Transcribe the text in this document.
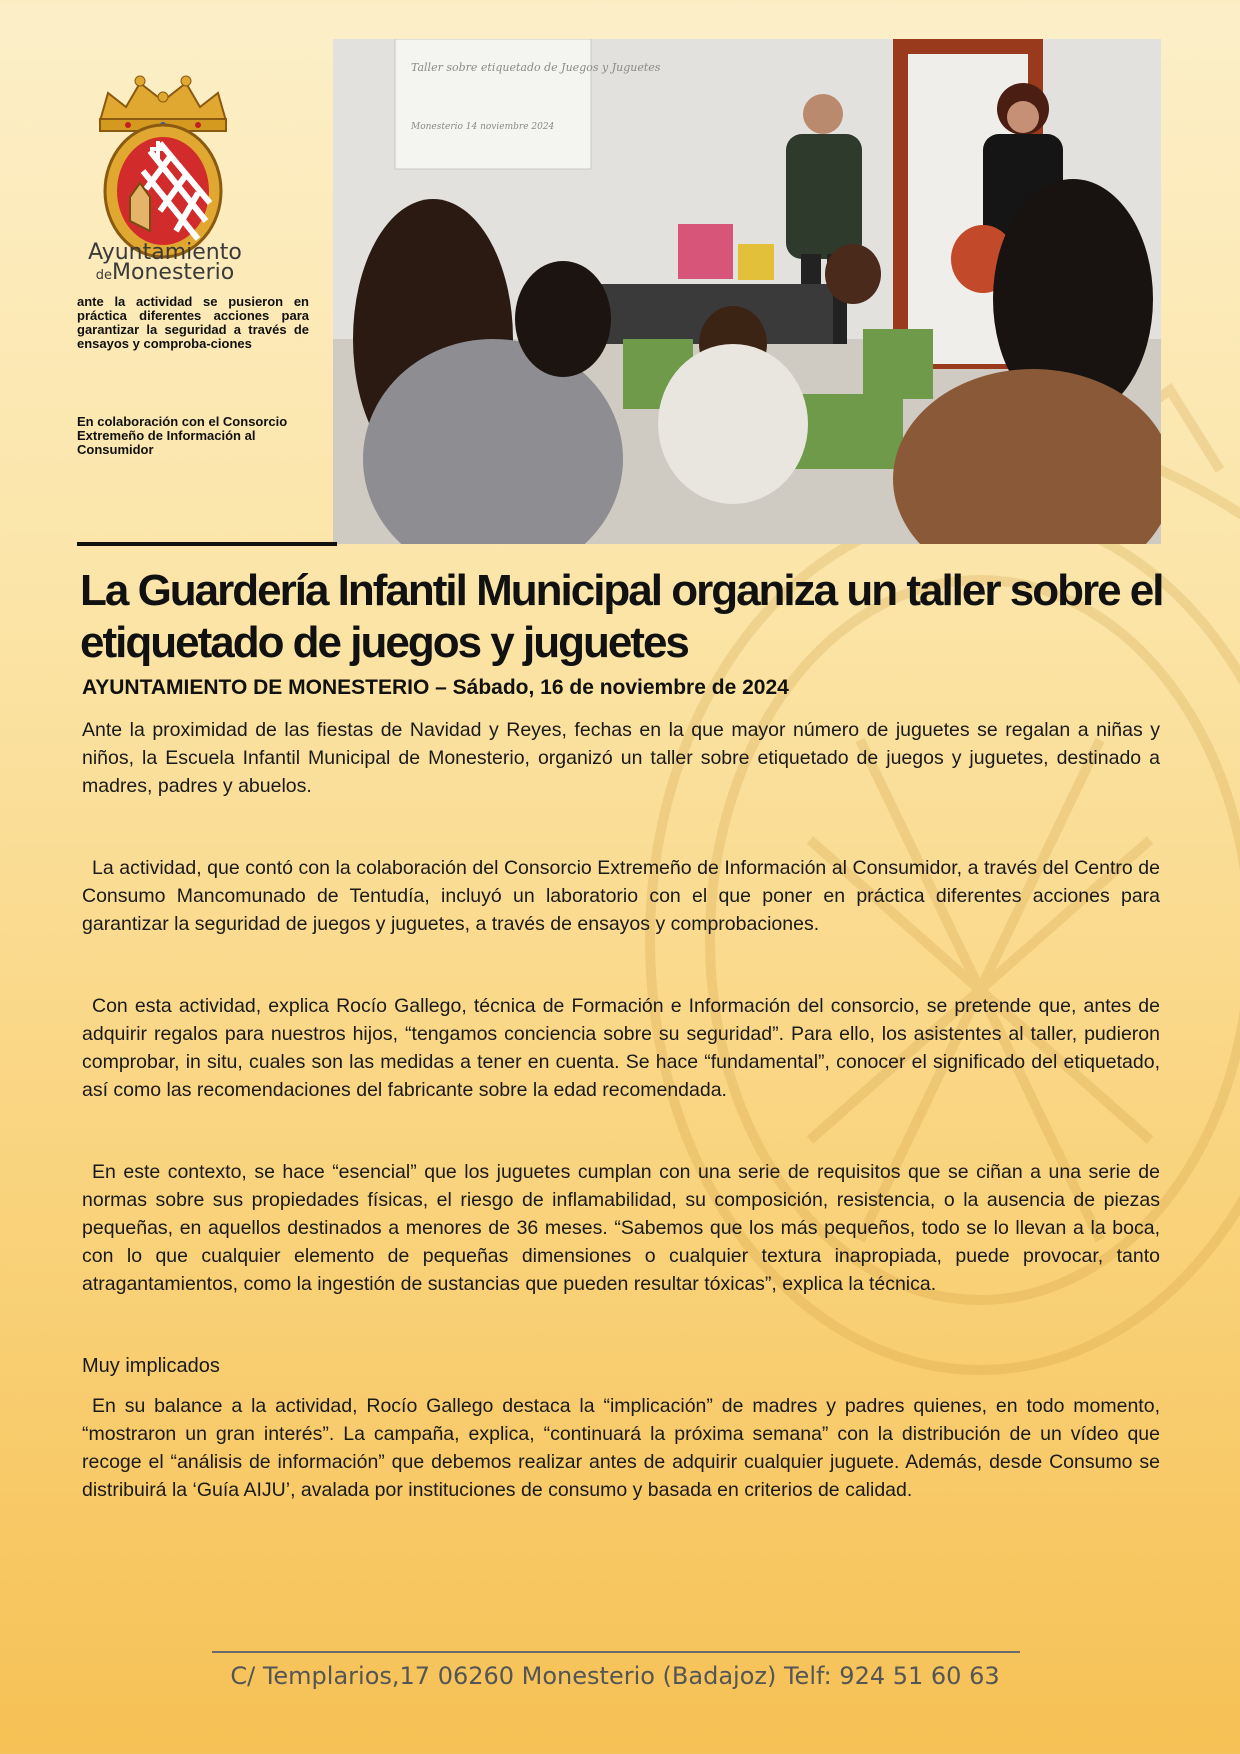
Ayuntamiento
deMonesterio
ante la actividad se pusieron en práctica diferentes acciones para garantizar la seguridad a través de ensayos y comproba-ciones
En colaboración con el Consorcio Extremeño de Información al Consumidor
Taller sobre etiquetado de Juegos y Juguetes
Monesterio 14 noviembre 2024
La Guardería Infantil Municipal organiza un taller sobre el etiquetado de juegos y juguetes
AYUNTAMIENTO DE MONESTERIO – Sábado, 16 de noviembre de 2024

Ante la proximidad de las fiestas de Navidad y Reyes, fechas en la que mayor número de juguetes se regalan a niñas y niños, la Escuela Infantil Municipal de Monesterio, organizó un taller sobre etiquetado de juegos y juguetes, destinado a madres, padres y abuelos.

La actividad, que contó con la colaboración del Consorcio Extremeño de Información al Consumidor, a través del Centro de Consumo Mancomunado de Tentudía, incluyó un laboratorio con el que poner en práctica diferentes acciones para garantizar la seguridad de juegos y juguetes, a través de ensayos y comprobaciones.

Con esta actividad, explica Rocío Gallego, técnica de Formación e Información del consorcio, se pretende que, antes de adquirir regalos para nuestros hijos, “tengamos conciencia sobre su seguridad”. Para ello, los asistentes al taller, pudieron comprobar, in situ, cuales son las medidas a tener en cuenta. Se hace “fundamental”, conocer el significado del etiquetado, así como las recomendaciones del fabricante sobre la edad recomendada.

En este contexto, se hace “esencial” que los juguetes cumplan con una serie de requisitos que se ciñan a una serie de normas sobre sus propiedades físicas, el riesgo de inflamabilidad, su composición, resistencia, o la ausencia de piezas pequeñas, en aquellos destinados a menores de 36 meses. “Sabemos que los más pequeños, todo se lo llevan a la boca, con lo que cualquier elemento de pequeñas dimensiones o cualquier textura inapropiada, puede provocar, tanto atragantamientos, como la ingestión de sustancias que pueden resultar tóxicas”, explica la técnica.

Muy implicados

En su balance a la actividad, Rocío Gallego destaca la “implicación” de madres y padres quienes, en todo momento, “mostraron un gran interés”. La campaña, explica, “continuará la próxima semana” con la distribución de un vídeo que recoge el “análisis de información” que debemos realizar antes de adquirir cualquier juguete. Además, desde Consumo se distribuirá la ‘Guía AIJU’, avalada por instituciones de consumo y basada en criterios de calidad.

C/ Templarios,17 06260 Monesterio (Badajoz) Telf: 924 51 60 63
